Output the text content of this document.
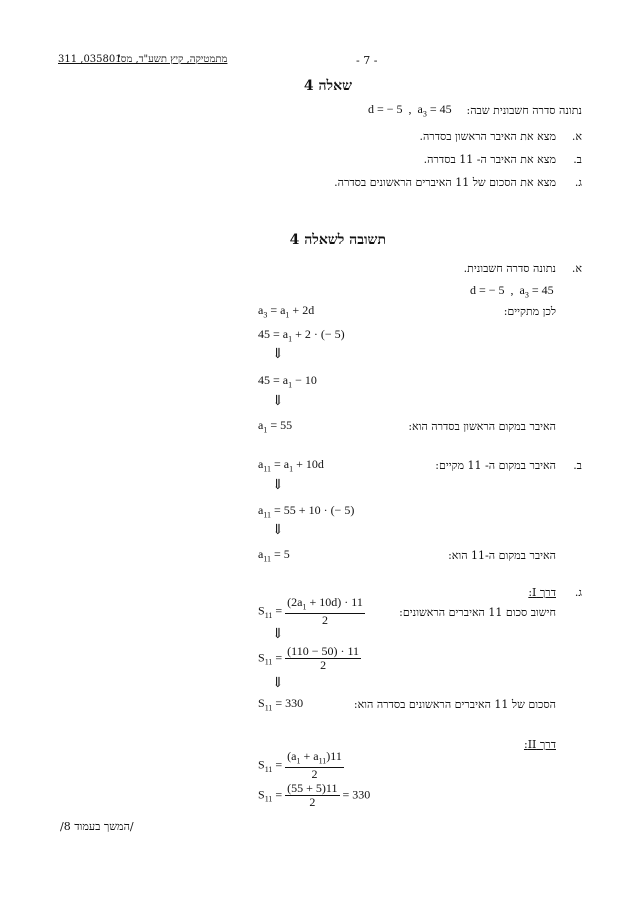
311 ,035801
מתמטיקה, קיץ תשע"ד, מס'	- 7 -
שאלה 4
נתונה סדרה חשבונית שבה:
d = − 5  ,  $a_3 = 45$
א.
מצא את האיבר הראשון בסדרה.
ב.
מצא את האיבר ה- 11 בסדרה.
ג.
מצא את הסכום של 11 האיברים הראשונים בסדרה.
תשובה לשאלה 4
א.
נתונה סדרה חשבונית.
d = − 5  ,  $a_3 = 45$
לכן מתקיים:
$a_3 = a_1 + 2d$
$45 = a_1 + 2$ · (− 5)
⇓
$45 = a_1 - 10$
⇓
האיבר במקום הראשון בסדרה הוא:
$a_1 = 55$
ב.
האיבר במקום ה- 11 מקיים:
$a_{11} = a_1 + 10d$
⇓
$a_{11} = 55 + 10$ · (− 5)
⇓
האיבר במקום ה-11 הוא:
$a_{11} = 5$
ג.
דרך I:
חישוב סכום 11 האיברים הראשונים:
$S_{11} = \frac{(2a_1 + 10d) \cdot 11}{2}$
⇓
$S_{11} = \frac{(110 - 50) \cdot 11}{2}$
⇓
הסכום של 11 האיברים הראשונים בסדרה הוא:
$S_{11} = 330$
דרך II:
$S_{11} = \frac{(a_1 + a_{11})11}{2}$
$S_{11} = \frac{(55 + 5)11}{2} = 330$
/המשך בעמוד 8/
